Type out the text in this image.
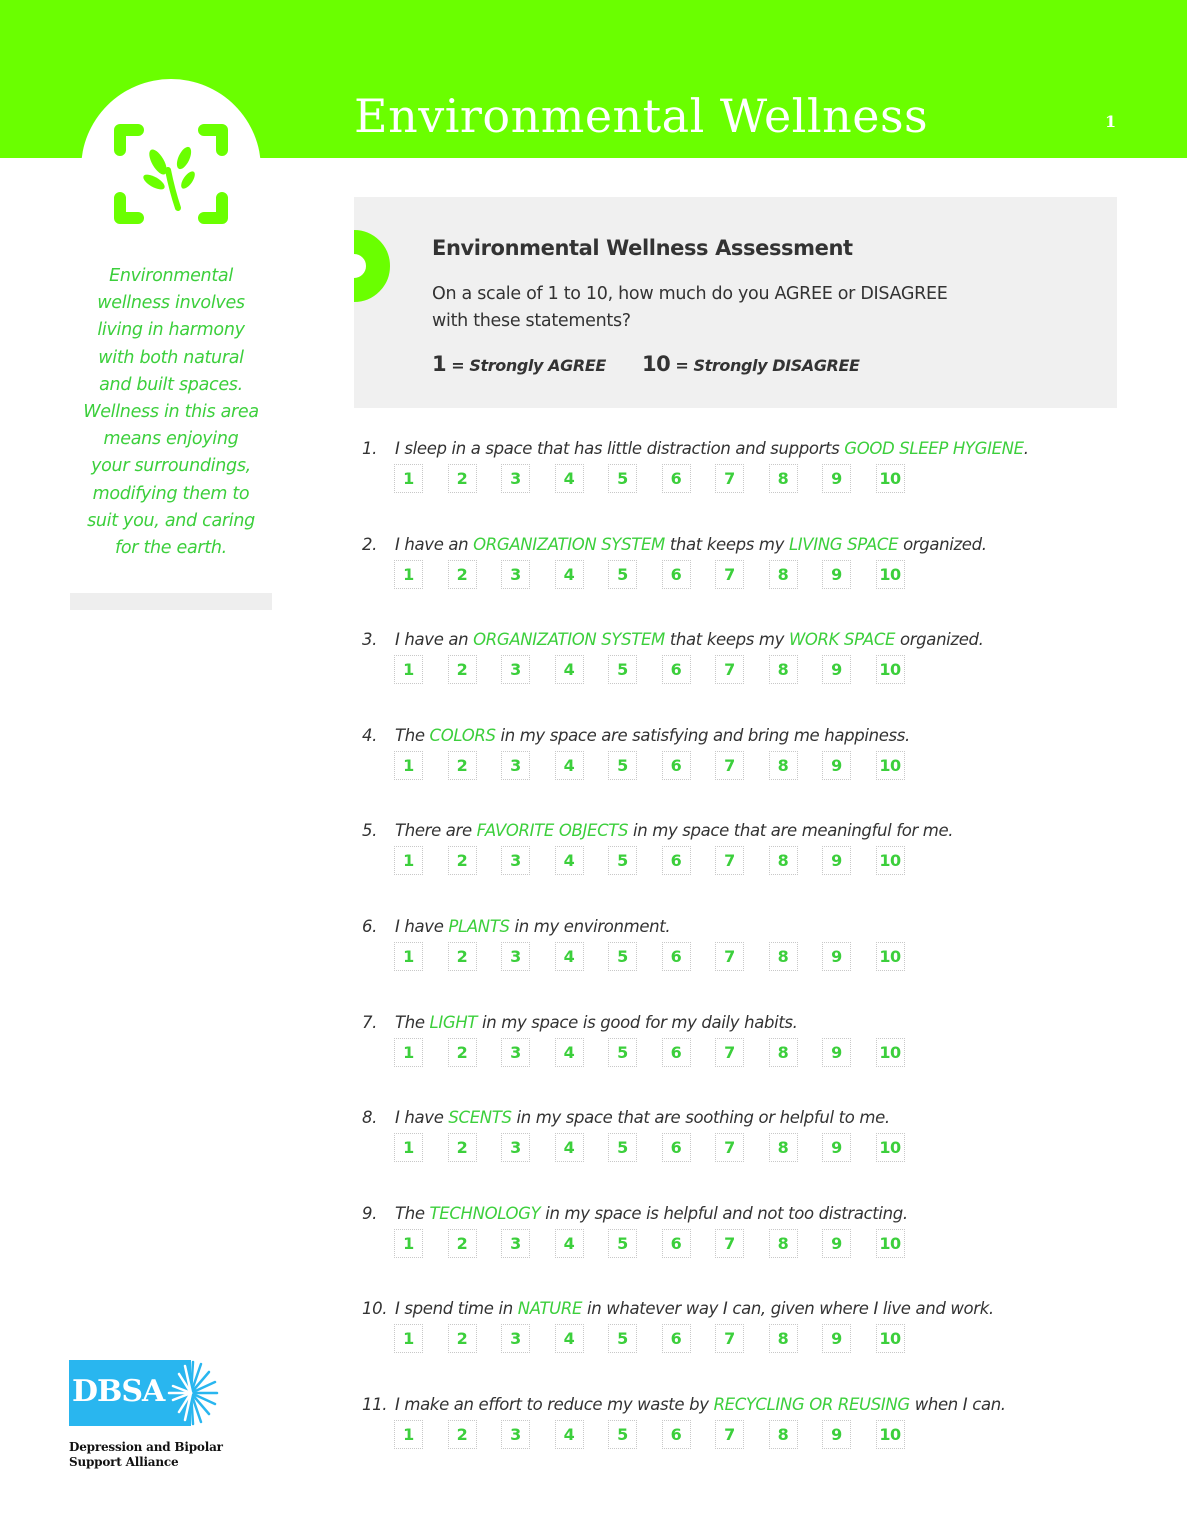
Environmental Wellness	1
Environmental
wellness involves
living in harmony
with both natural
and built spaces.
Wellness in this area
means enjoying
your surroundings,
modifying them to
suit you, and caring
for the earth.
Environmental Wellness Assessment
On a scale of 1 to 10, how much do you AGREE or DISAGREE
with these statements?
1 = Strongly AGREE 10 = Strongly DISAGREE
1. I sleep in a space that has little distraction and supports GOOD SLEEP HYGIENE.
1	2	3	4	5	6	7	8	9	10
2. I have an ORGANIZATION SYSTEM that keeps my LIVING SPACE organized.
1	2	3	4	5	6	7	8	9	10
3. I have an ORGANIZATION SYSTEM that keeps my WORK SPACE organized.
1	2	3	4	5	6	7	8	9	10
4. The COLORS in my space are satisfying and bring me happiness.
1	2	3	4	5	6	7	8	9	10
5. There are FAVORITE OBJECTS in my space that are meaningful for me.
1	2	3	4	5	6	7	8	9	10
6. I have PLANTS in my environment.
1	2	3	4	5	6	7	8	9	10
7. The LIGHT in my space is good for my daily habits.
1	2	3	4	5	6	7	8	9	10
8. I have SCENTS in my space that are soothing or helpful to me.
1	2	3	4	5	6	7	8	9	10
9. The TECHNOLOGY in my space is helpful and not too distracting.
1	2	3	4	5	6	7	8	9	10
10. I spend time in NATURE in whatever way I can, given where I live and work.
1	2	3	4	5	6	7	8	9	10
11. I make an effort to reduce my waste by RECYCLING OR REUSING when I can.
1	2	3	4	5	6	7	8	9	10
DBSA
Depression and Bipolar
Support Alliance
